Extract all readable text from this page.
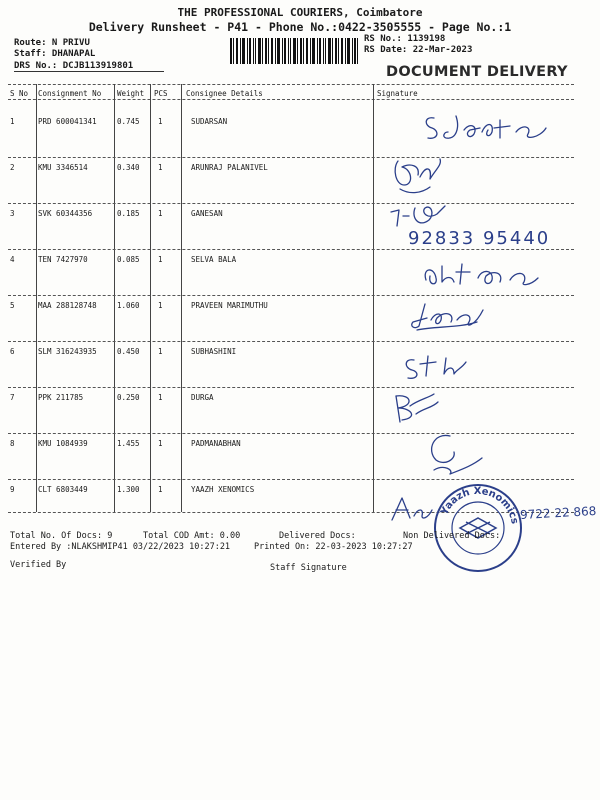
THE PROFESSIONAL COURIERS, Coimbatore
Delivery Runsheet - P41 - Phone No.:0422-3505555 - Page No.:1
Route: N PRIVU
Staff: DHANAPAL
DRS No.: DCJB113919801
RS No.: 1139198
RS Date: 22-Mar-2023
DOCUMENT DELIVERY
S No Consignment No Weight PCS Consignee Details	Signature
1	PRD 600041341	0.745 1	SUDARSAN
2	KMU 3346514	0.340 1	ARUNRAJ PALANIVEL
3	SVK 60344356	0.185 1	GANESAN
4	TEN 7427970	0.085 1	SELVA BALA
5	MAA 288128748	1.060 1	PRAVEEN MARIMUTHU
6	SLM 316243935	0.450 1	SUBHASHINI
7	PPK 211785	0.250 1	DURGA
8	KMU 1084939	1.455 1	PADMANABHAN
9	CLT 6803449	1.300 1	YAAZH XENOMICS
92833 95440
Yaazh Xenomics 9722 22 868
Total No. Of Docs: 9	Total COD Amt: 0.00	Delivered Docs:	Non Delivered Docs:
Entered By :NLAKSHMIP41 03/22/2023 10:27:21	Printed On: 22-03-2023 10:27:27
Verified By	Staff Signature
